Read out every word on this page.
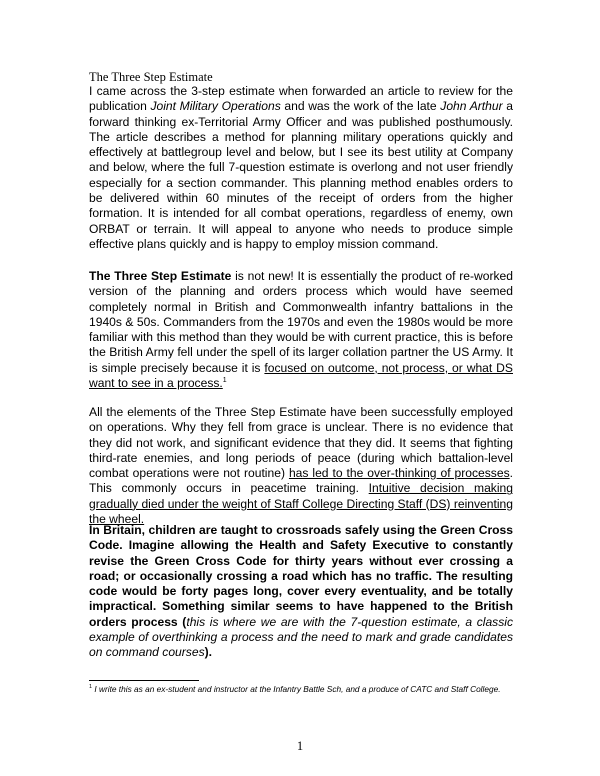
The Three Step Estimate
I came across the 3-step estimate when forwarded an article to review for the publication Joint Military Operations and was the work of the late John Arthur a forward thinking ex-Territorial Army Officer and was published posthumously. The article describes a method for planning military operations quickly and effectively at battlegroup level and below, but I see its best utility at Company and below, where the full 7-question estimate is overlong and not user friendly especially for a section commander. This planning method enables orders to be delivered within 60 minutes of the receipt of orders from the higher formation. It is intended for all combat operations, regardless of enemy, own ORBAT or terrain. It will appeal to anyone who needs to produce simple effective plans quickly and is happy to employ mission command.
The Three Step Estimate is not new! It is essentially the product of re-worked version of the planning and orders process which would have seemed completely normal in British and Commonwealth infantry battalions in the 1940s & 50s. Commanders from the 1970s and even the 1980s would be more familiar with this method than they would be with current practice, this is before the British Army fell under the spell of its larger collation partner the US Army. It is simple precisely because it is focused on outcome, not process, or what DS want to see in a process.$^1$
All the elements of the Three Step Estimate have been successfully employed on operations. Why they fell from grace is unclear. There is no evidence that they did not work, and significant evidence that they did. It seems that fighting third-rate enemies, and long periods of peace (during which battalion-level combat operations were not routine) has led to the over-thinking of processes. This commonly occurs in peacetime training. Intuitive decision making gradually died under the weight of Staff College Directing Staff (DS) reinventing the wheel.
In Britain, children are taught to crossroads safely using the Green Cross Code. Imagine allowing the Health and Safety Executive to constantly revise the Green Cross Code for thirty years without ever crossing a road; or occasionally crossing a road which has no traffic. The resulting code would be forty pages long, cover every eventuality, and be totally impractical. Something similar seems to have happened to the British orders process (this is where we are with the 7-question estimate, a classic example of overthinking a process and the need to mark and grade candidates on command courses).
$^1$ I write this as an ex-student and instructor at the Infantry Battle Sch, and a produce of CATC and Staff College.
1
